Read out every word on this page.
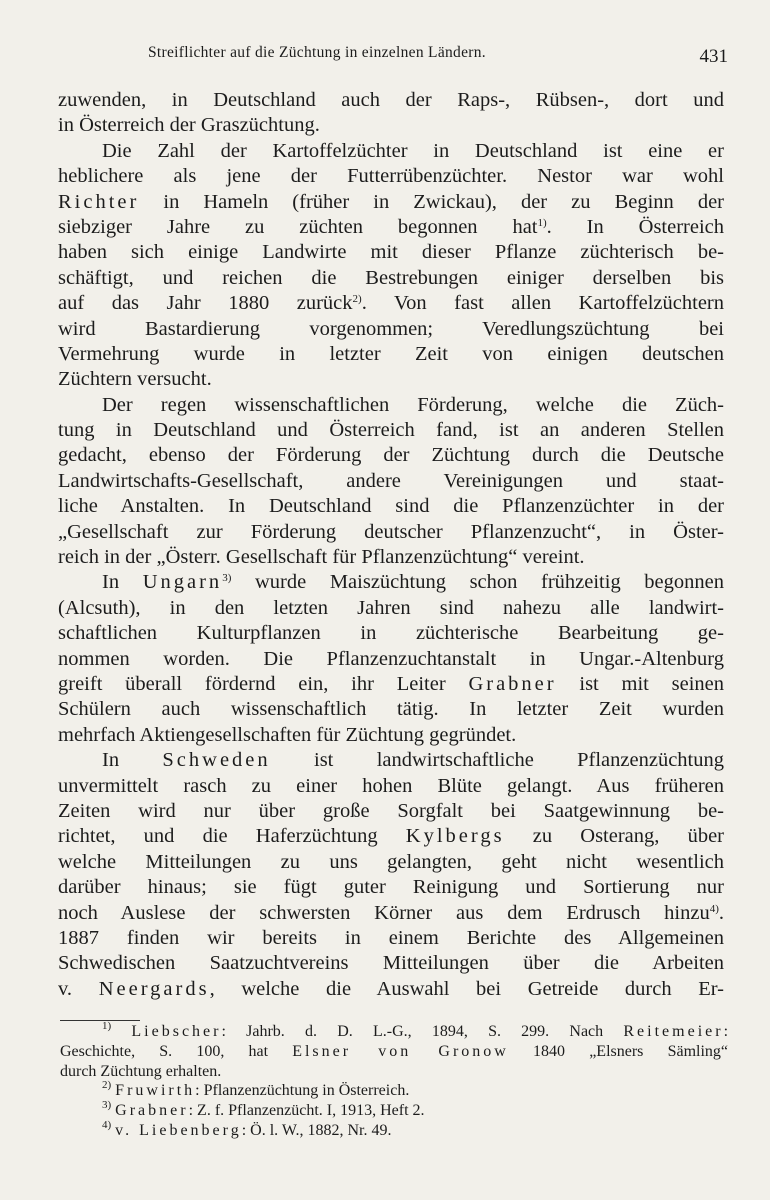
Streiflichter auf die Züchtung in einzelnen Ländern.	431
zuwenden, in Deutschland auch der Raps-, Rübsen-, dort und
in Österreich der Graszüchtung.
Die Zahl der Kartoffelzüchter in Deutschland ist eine er
heblichere als jene der Futterrübenzüchter. Nestor war wohl
Richter in Hameln (früher in Zwickau), der zu Beginn der
siebziger Jahre zu züchten begonnen hat$^{1)}$. In Österreich
haben sich einige Landwirte mit dieser Pflanze züchterisch be-
schäftigt, und reichen die Bestrebungen einiger derselben bis
auf das Jahr 1880 zurück$^{2)}$. Von fast allen Kartoffelzüchtern
wird Bastardierung vorgenommen; Veredlungszüchtung bei
Vermehrung wurde in letzter Zeit von einigen deutschen
Züchtern versucht.
Der regen wissenschaftlichen Förderung, welche die Züch-
tung in Deutschland und Österreich fand, ist an anderen Stellen
gedacht, ebenso der Förderung der Züchtung durch die Deutsche
Landwirtschafts-Gesellschaft, andere Vereinigungen und staat-
liche Anstalten. In Deutschland sind die Pflanzenzüchter in der
„Gesellschaft zur Förderung deutscher Pflanzenzucht“, in Öster-
reich in der „Österr. Gesellschaft für Pflanzenzüchtung“ vereint.
In Ungarn$^{3)}$ wurde Maiszüchtung schon frühzeitig begonnen
(Alcsuth), in den letzten Jahren sind nahezu alle landwirt-
schaftlichen Kulturpflanzen in züchterische Bearbeitung ge-
nommen worden. Die Pflanzenzuchtanstalt in Ungar.-Altenburg
greift überall fördernd ein, ihr Leiter Grabner ist mit seinen
Schülern auch wissenschaftlich tätig. In letzter Zeit wurden
mehrfach Aktiengesellschaften für Züchtung gegründet.
In Schweden ist landwirtschaftliche Pflanzenzüchtung
unvermittelt rasch zu einer hohen Blüte gelangt. Aus früheren
Zeiten wird nur über große Sorgfalt bei Saatgewinnung be-
richtet, und die Haferzüchtung Kylbergs zu Osterang, über
welche Mitteilungen zu uns gelangten, geht nicht wesentlich
darüber hinaus; sie fügt guter Reinigung und Sortierung nur
noch Auslese der schwersten Körner aus dem Erdrusch hinzu$^{4)}$.
1887 finden wir bereits in einem Berichte des Allgemeinen
Schwedischen Saatzuchtvereins Mitteilungen über die Arbeiten
v. Neergards, welche die Auswahl bei Getreide durch Er-
$^{1)}$ Liebscher: Jahrb. d. D. L.-G., 1894, S. 299. Nach Reitemeier:
Geschichte, S. 100, hat Elsner von Gronow 1840 „Elsners Sämling“
durch Züchtung erhalten.
$^{2)}$ Fruwirth: Pflanzenzüchtung in Österreich.
$^{3)}$ Grabner: Z. f. Pflanzenzücht. I, 1913, Heft 2.
$^{4)}$ v. Liebenberg: Ö. l. W., 1882, Nr. 49.
